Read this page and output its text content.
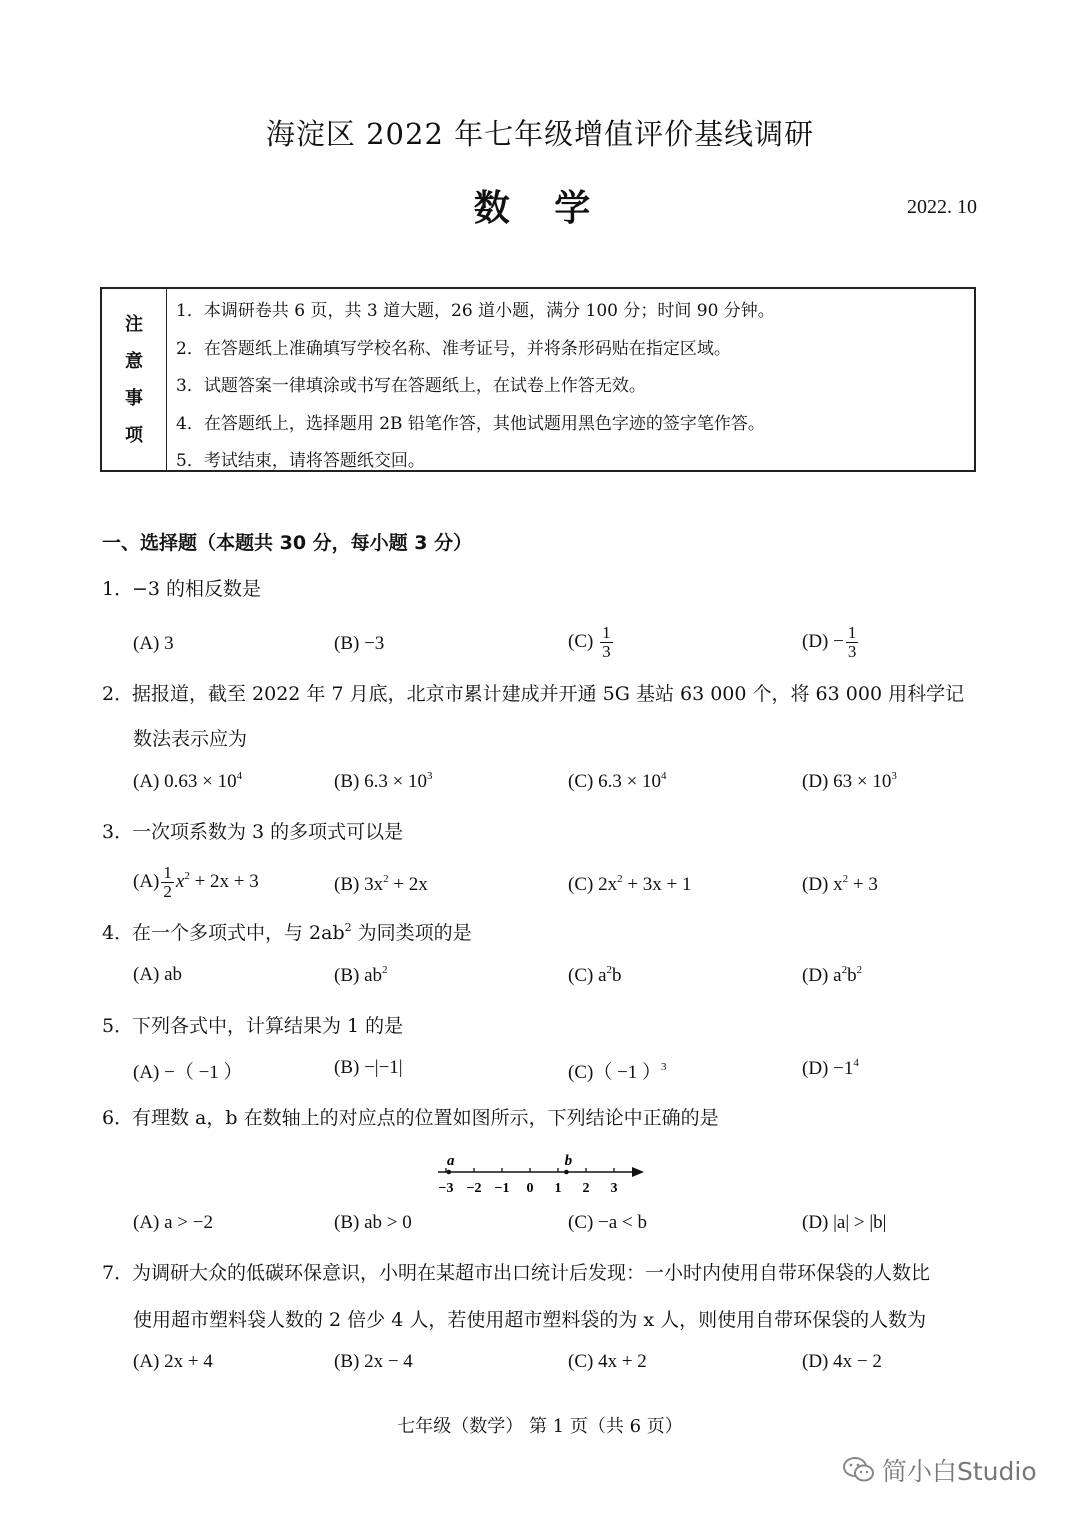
海淀区 2022 年七年级增值评价基线调研
数 学	2022. 10
注
意
事
项
1．本调研卷共 6 页，共 3 道大题，26 道小题，满分 100 分；时间 90 分钟。
2．在答题纸上准确填写学校名称、准考证号，并将条形码贴在指定区域。
3．试题答案一律填涂或书写在答题纸上，在试卷上作答无效。
4．在答题纸上，选择题用 2B 铅笔作答，其他试题用黑色字迹的签字笔作答。
5．考试结束，请将答题纸交回。
一、选择题（本题共 30 分，每小题 3 分）
1．−3 的相反数是
(A) 3	(B) −3	$(C) \frac{1}{3}$	$(D) - \frac{1}{3}$
2．据报道，截至 2022 年 7 月底，北京市累计建成并开通 5G 基站 63 000 个，将 63 000 用科学记
数法表示应为
(A) $0.63 \times 10^4$	(B) $6.3 \times 10^3$	(C) $6.3 \times 10^4$	(D) $63 \times 10^3$
3．一次项系数为 3 的多项式可以是
$(A) \frac{1}{2} x^2 + 2x + 3$	(B) $3x^2 + 2x$	(C) $2x^2 + 3x + 1$	(D) $x^2 + 3$
4．在一个多项式中，与 $2ab^2$ 为同类项的是
(A) ab	(B) $ab^2$	(C) $a^2b$	(D) $a^2b^2$
5．下列各式中，计算结果为 1 的是
(A) −（ −1 ）	(B) −|−1|	(C)（ −1 ）$^3$	$(D) -1^4$
6．有理数 a，b 在数轴上的对应点的位置如图所示，下列结论中正确的是
−3 −2 −1 0 1 2 3
a	b
(A) a > −2	(B) ab > 0	(C) −a < b	(D) |a| > |b|
7．为调研大众的低碳环保意识，小明在某超市出口统计后发现：一小时内使用自带环保袋的人数比
使用超市塑料袋人数的 2 倍少 4 人，若使用超市塑料袋的为 x 人，则使用自带环保袋的人数为
(A) 2x + 4	(B) 2x − 4	(C) 4x + 2	(D) 4x − 2
七年级（数学） 第 1 页（共 6 页）
简小白Studio
